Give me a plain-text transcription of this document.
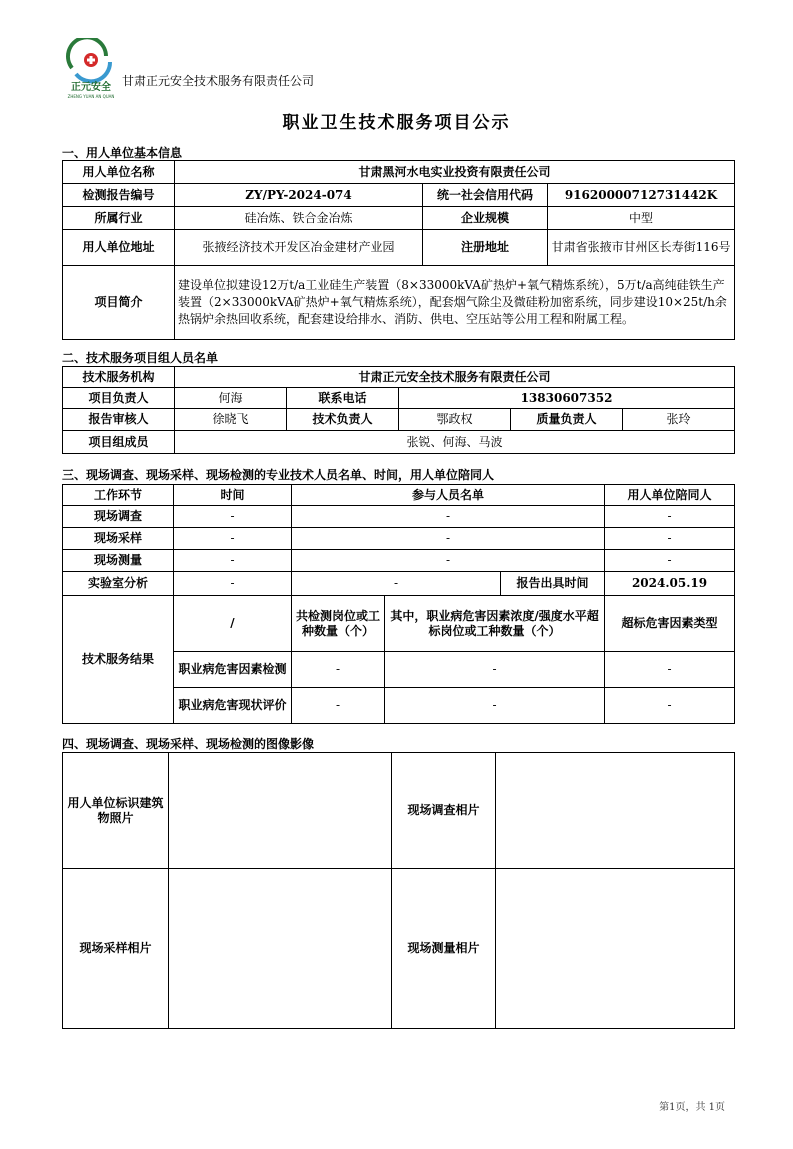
正元安全
ZHENG YUAN AN QUAN
甘肃正元安全技术服务有限责任公司
职业卫生技术服务项目公示
一、用人单位基本信息
用人单位名称	甘肃黑河水电实业投资有限责任公司		
检测报告编号	ZY/PY-2024-074	统一社会信用代码	91620000712731442K
所属行业	硅冶炼、铁合金冶炼	企业规模	中型
用人单位地址	张掖经济技术开发区冶金建材产业园	注册地址	甘肃省张掖市甘州区长寿街116号
项目简介	建设单位拟建设12万t/a工业硅生产装置（8×33000kVA矿热炉+氧气精炼系统），5万t/a高纯硅铁生产装置（2×33000kVA矿热炉+氧气精炼系统），配套烟气除尘及微硅粉加密系统，同步建设10×25t/h余热锅炉余热回收系统，配套建设给排水、消防、供电、空压站等公用工程和附属工程。		
二、技术服务项目组人员名单
技术服务机构	甘肃正元安全技术服务有限责任公司				
项目负责人	何海	联系电话	13830607352		
报告审核人	徐晓飞	技术负责人	鄂政权	质量负责人	张玲
项目组成员	张锐、何海、马波				
三、现场调查、现场采样、现场检测的专业技术人员名单、时间，用人单位陪同人
工作环节	时间	参与人员名单			用人单位陪同人
现场调查	-	-			-
现场采样	-	-			-
现场测量	-	-			-
实验室分析	-	-		报告出具时间	2024.05.19
技术服务结果	/	共检测岗位或工种数量（个）	其中，职业病危害因素浓度/强度水平超标岗位或工种数量（个）		超标危害因素类型
	职业病危害因素检测	-	-		-
	职业病危害现状评价	-	-		-
四、现场调查、现场采样、现场检测的图像影像
用人单位标识建筑物照片		现场调查相片	
现场采样相片		现场测量相片	
第1页，共 1页
